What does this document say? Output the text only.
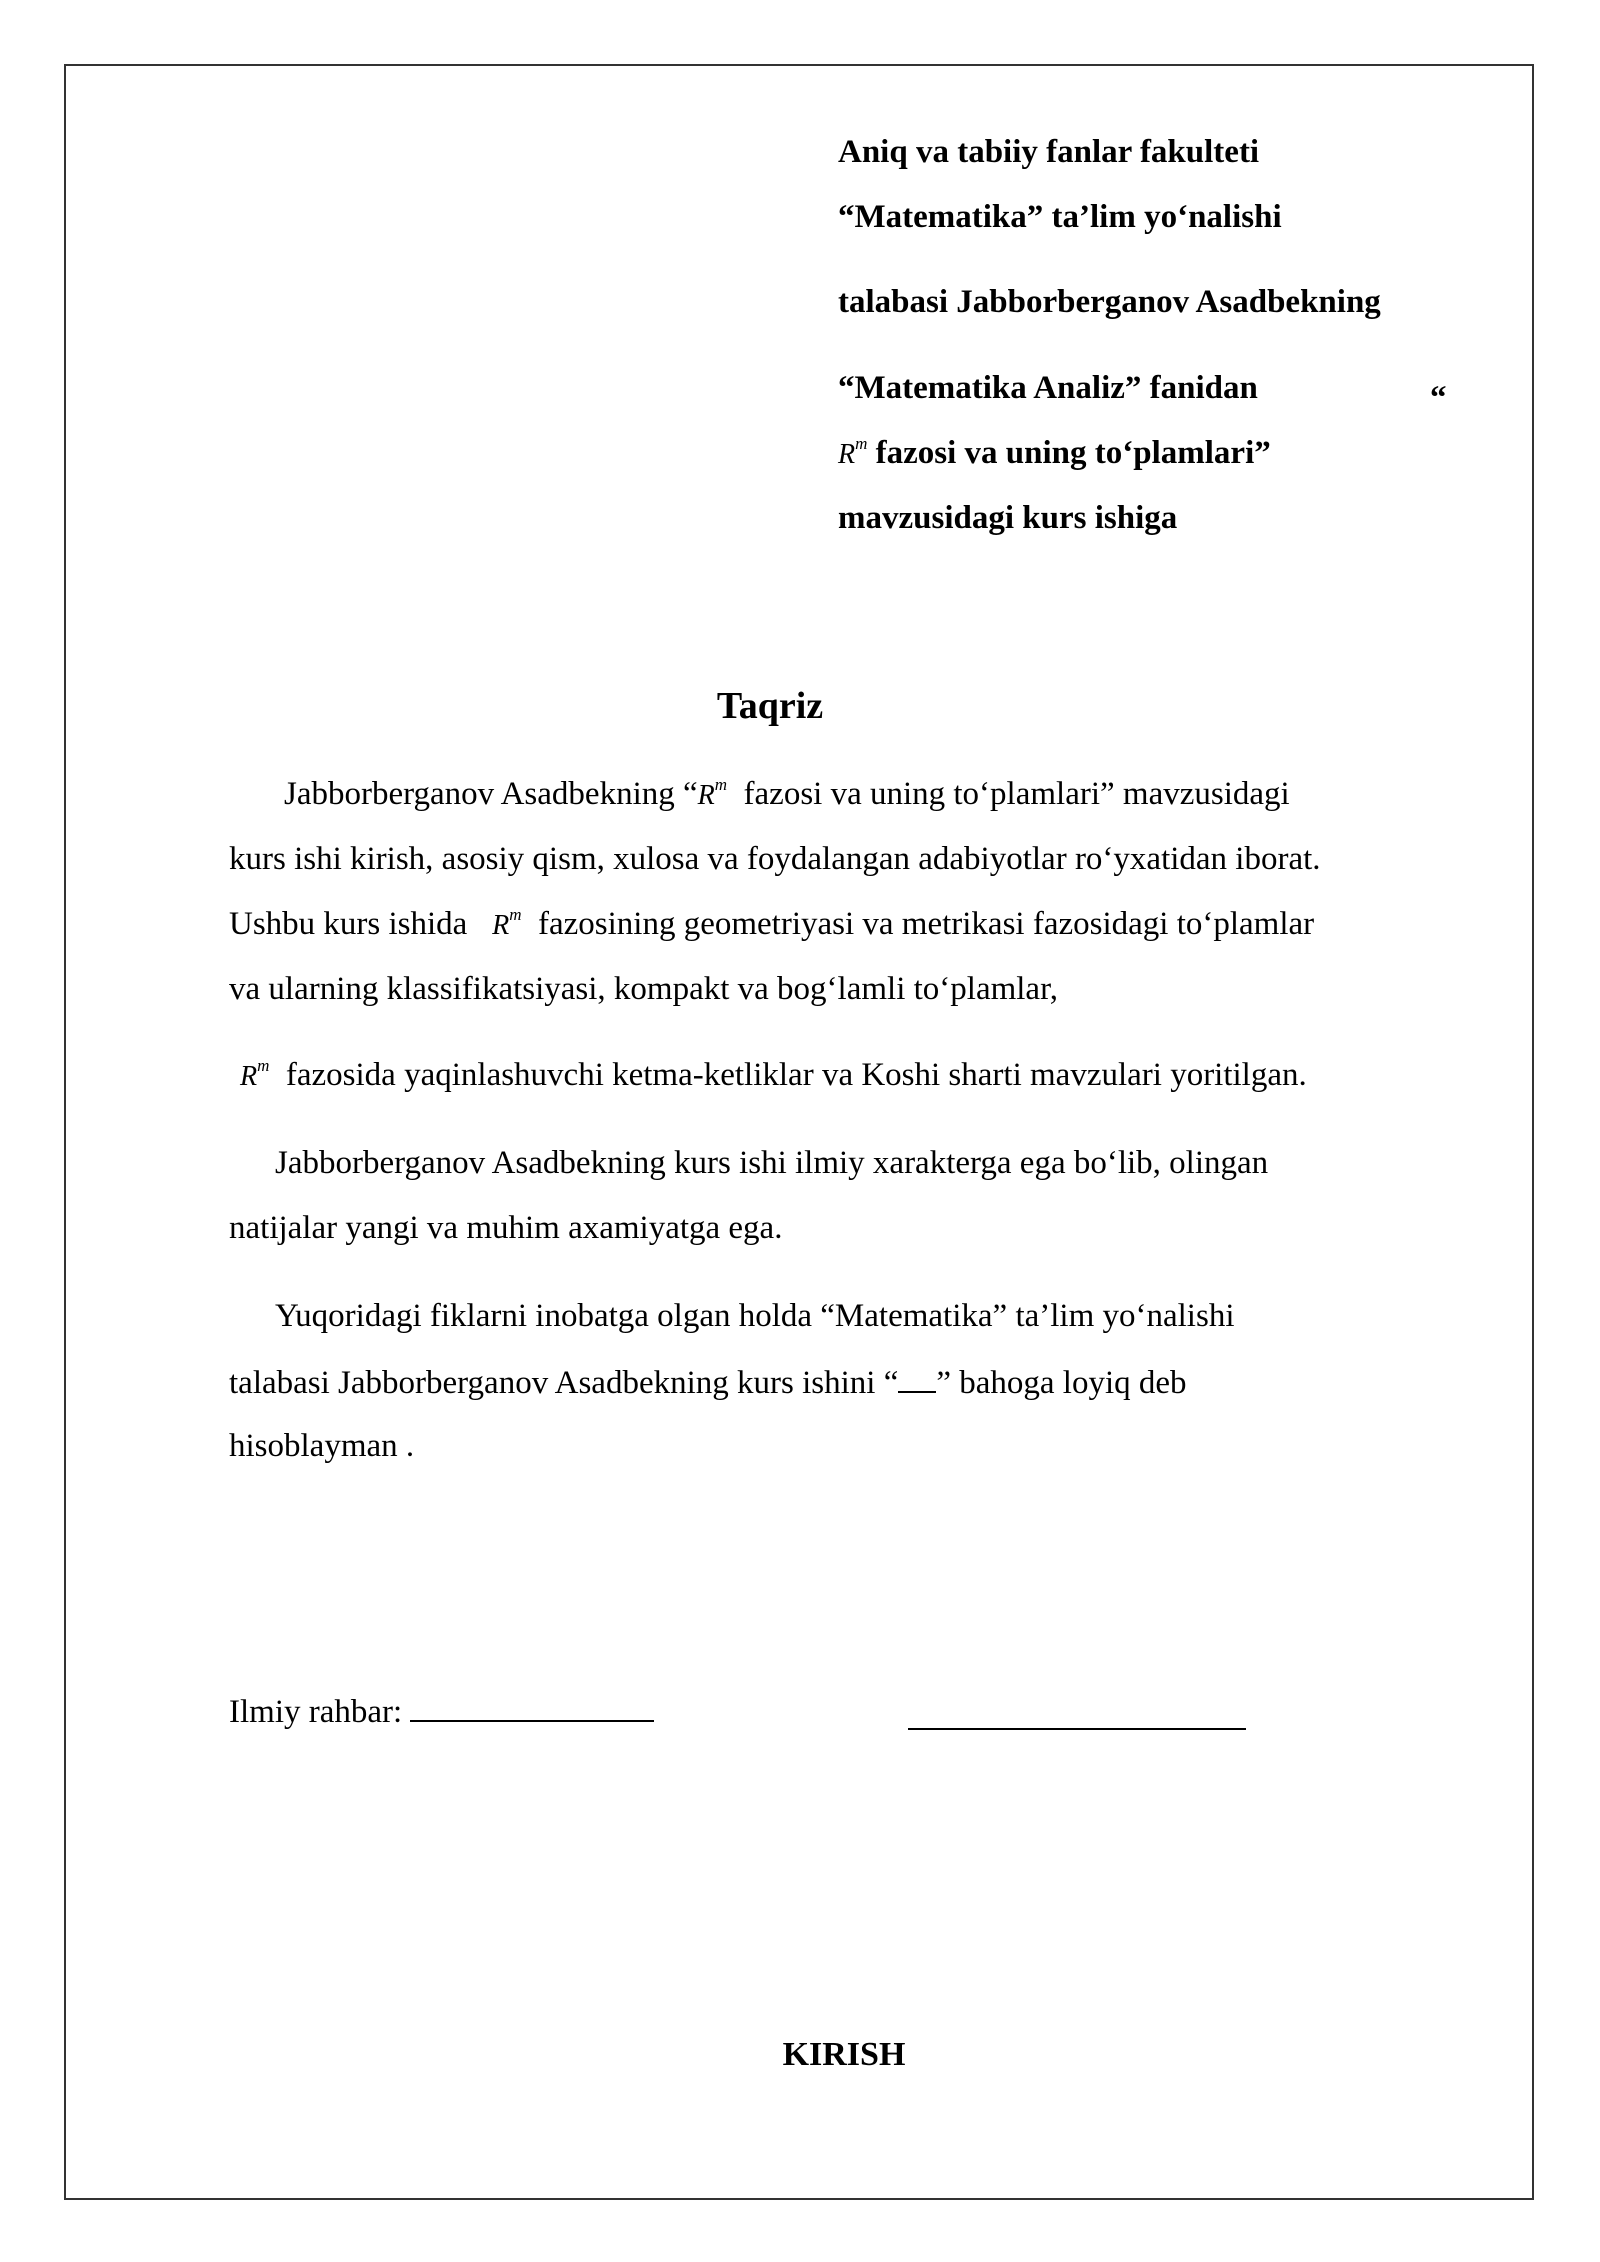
Aniq va tabiiy fanlar fakulteti
“Matematika” ta’lim yo‘nalishi
talabasi Jabborberganov Asadbekning
“Matematika Analiz” fanidan
$R^m$ fazosi va uning to‘plamlari”
mavzusidagi kurs ishiga
“
Taqriz
Jabborberganov Asadbekning “$R^m$ fazosi va uning to‘plamlari” mavzusidagi
kurs ishi kirish, asosiy qism, xulosa va foydalangan adabiyotlar ro‘yxatidan iborat.
Ushbu kurs ishida $R^m$ fazosining geometriyasi va metrikasi fazosidagi to‘plamlar
va ularning klassifikatsiyasi, kompakt va bog‘lamli to‘plamlar,
$R^m$ fazosida yaqinlashuvchi ketma-ketliklar va Koshi sharti mavzulari yoritilgan.
Jabborberganov Asadbekning kurs ishi ilmiy xarakterga ega bo‘lib, olingan
natijalar yangi va muhim axamiyatga ega.
Yuqoridagi fiklarni inobatga olgan holda “Matematika” ta’lim yo‘nalishi
talabasi Jabborberganov Asadbekning kurs ishini “ ” bahoga loyiq deb
hisoblayman .
Ilmiy rahbar:
KIRISH
